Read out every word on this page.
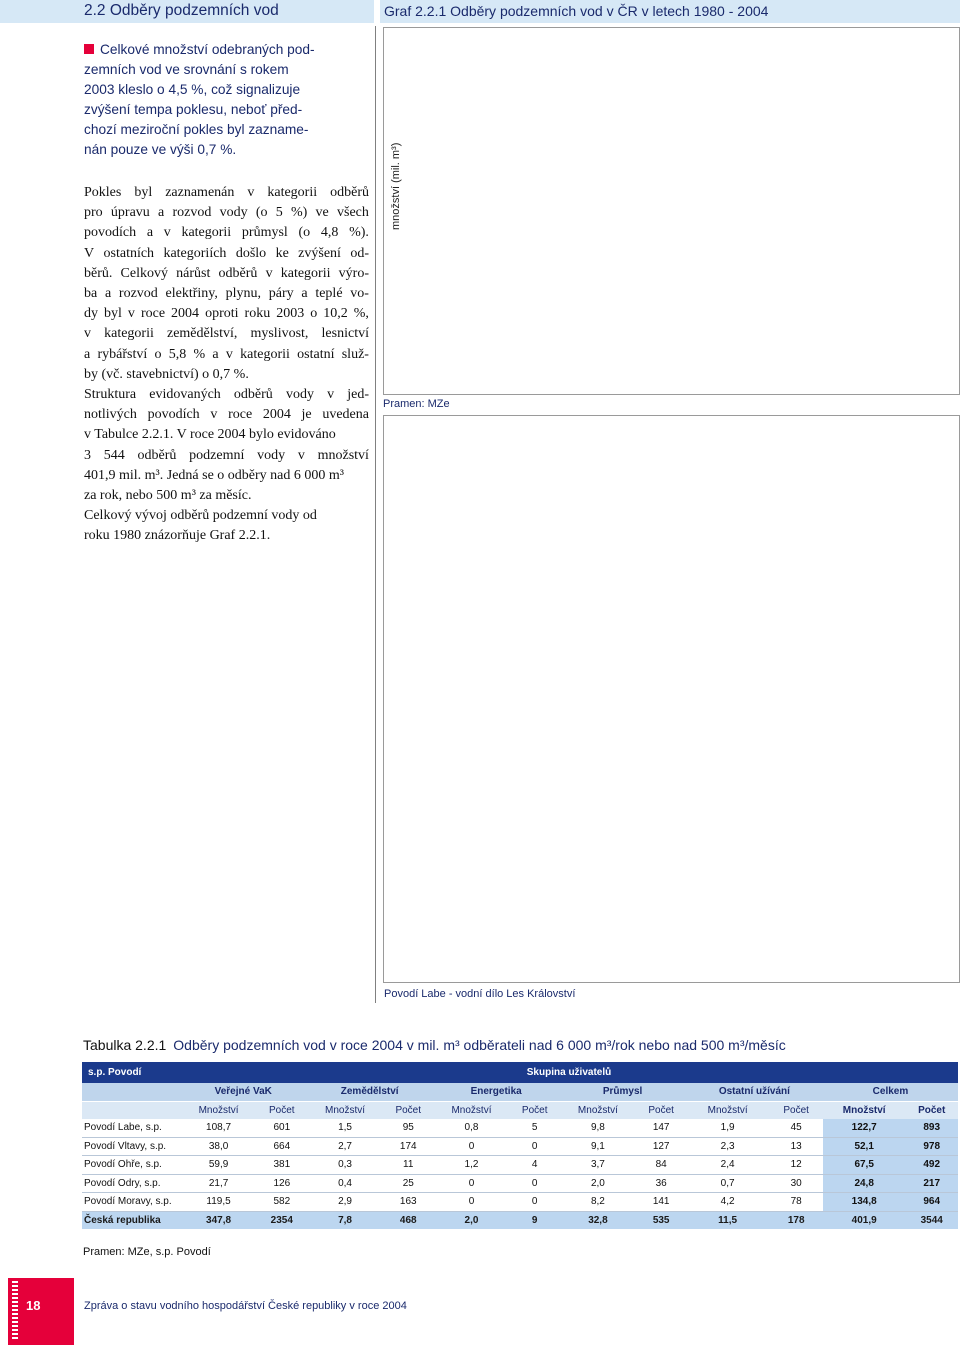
2.2 Odběry podzemních vod	Graf 2.2.1 Odběry podzemních vod v ČR v letech 1980 - 2004

Celkové množství odebraných pod-

zemních vod ve srovnání s rokem

2003 kleslo o 4,5 %, což signalizuje

zvýšení tempa poklesu, neboť před-

chozí meziroční pokles byl zazname-

nán pouze ve výši 0,7 %.

Pokles byl zaznamenán v kategorii odběrů

pro úpravu a rozvod vody (o 5 %) ve všech

povodích a v kategorii průmysl (o 4,8 %).

V ostatních kategoriích došlo ke zvýšení od-

běrů. Celkový nárůst odběrů v kategorii výro-

ba a rozvod elektřiny, plynu, páry a teplé vo-

dy byl v roce 2004 oproti roku 2003 o 10,2 %,

v kategorii zemědělství, myslivost, lesnictví

a rybářství o 5,8 % a v kategorii ostatní služ-

by (vč. stavebnictví) o 0,7 %.

Struktura evidovaných odběrů vody v jed-

notlivých povodích v roce 2004 je uvedena

v Tabulce 2.2.1. V roce 2004 bylo evidováno

3 544 odběrů podzemní vody v množství

401,9 mil. m³. Jedná se o odběry nad 6 000 m³

za rok, nebo 500 m³ za měsíc.

Celkový vývoj odběrů podzemní vody od

roku 1980 znázorňuje Graf 2.2.1.

množství (mil. m³)
Pramen: MZe
Povodí Labe - vodní dílo Les Království
Tabulka 2.2.1 Odběry podzemních vod v roce 2004 v mil. m³ odběrateli nad 6 000 m³/rok nebo nad 500 m³/měsíc
s.p. Povodí	Skupina uživatelů											
	Veřejné VaK		Zemědělství		Energetika		Průmysl		Ostatní užívání		Celkem	
	Množství	Počet	Množství	Počet	Množství	Počet	Množství	Počet	Množství	Počet	Množství	Počet
Povodí Labe, s.p.	108,7	601	1,5	95	0,8	5	9,8	147	1,9	45	122,7	893
Povodí Vltavy, s.p.	38,0	664	2,7	174	0	0	9,1	127	2,3	13	52,1	978
Povodí Ohře, s.p.	59,9	381	0,3	11	1,2	4	3,7	84	2,4	12	67,5	492
Povodí Odry, s.p.	21,7	126	0,4	25	0	0	2,0	36	0,7	30	24,8	217
Povodí Moravy, s.p.	119,5	582	2,9	163	0	0	8,2	141	4,2	78	134,8	964
Česká republika	347,8	2354	7,8	468	2,0	9	32,8	535	11,5	178	401,9	3544
Pramen: MZe, s.p. Povodí
18	Zpráva o stavu vodního hospodářství České republiky v roce 2004
